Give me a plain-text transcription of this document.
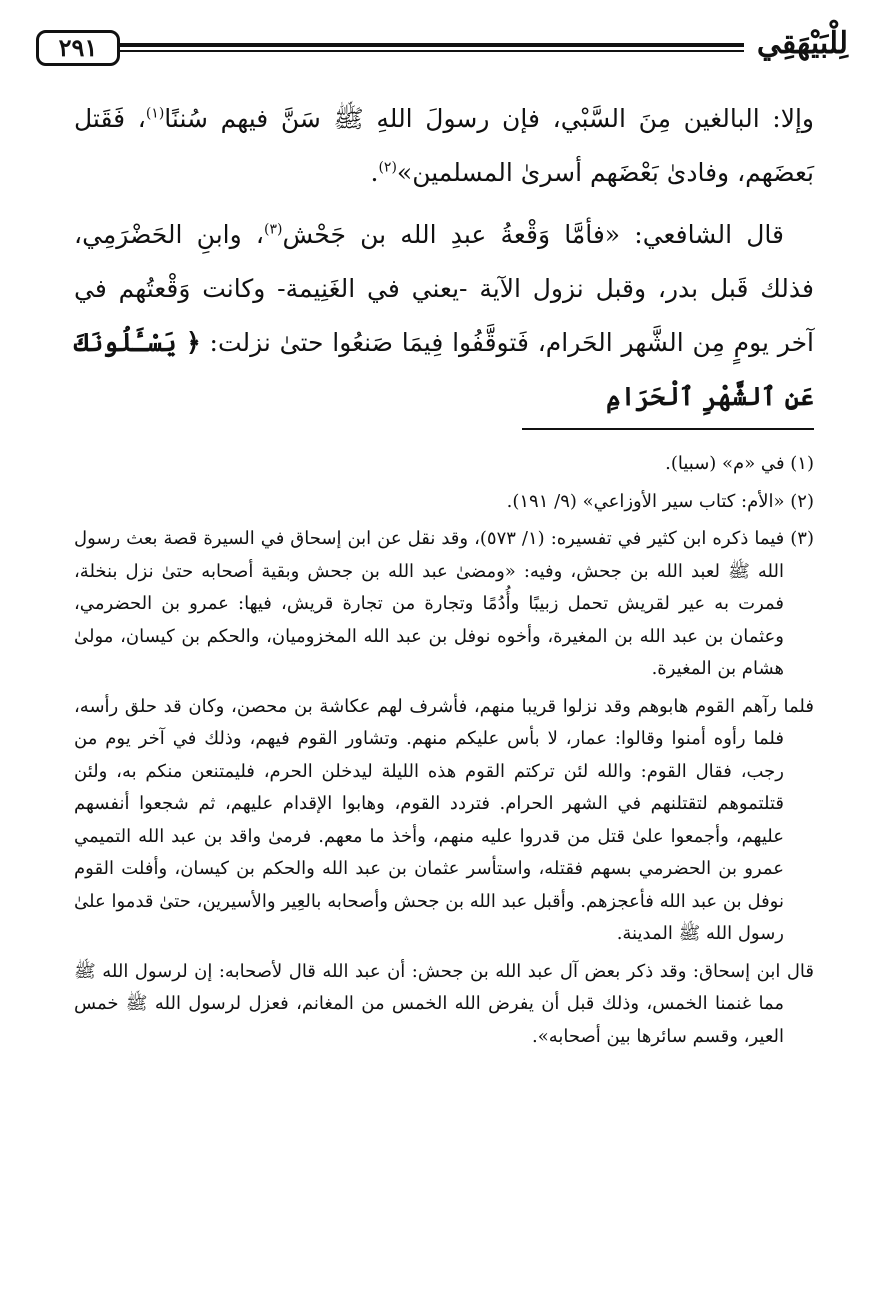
٢٩١	لِلْبَيْهَقِي

وإلا: البالغين مِنَ السَّبْي، فإن رسولَ اللهِ ﷺ سَنَّ فيهم سُننًا$^{(١)}$، فَقَتل بَعضَهم، وفادىٰ بَعْضَهم أسرىٰ المسلمين»$^{(٢)}$.

قال الشافعي: «فأمَّا وَقْعةُ عبدِ الله بن جَحْش$^{(٣)}$، وابنِ الحَضْرَمِي، فذلك قَبل بدر، وقبل نزول الآية -يعني في الغَنِيمة- وكانت وَقْعتُهم في آخر يومٍ مِن الشَّهر الحَرام، فَتوقَّفُوا فِيمَا صَنعُوا حتىٰ نزلت: ﴿ يَسْـَٔلُونَكَ عَنِ ٱلشَّهْرِ ٱلْحَرَامِ

(١) في «م» (سبيا).

(٢) «الأم: كتاب سير الأوزاعي» (٩/ ١٩١).

(٣) فيما ذكره ابن كثير في تفسيره: (١/ ٥٧٣)، وقد نقل عن ابن إسحاق في السيرة قصة بعث رسول الله ﷺ لعبد الله بن جحش، وفيه: «ومضىٰ عبد الله بن جحش وبقية أصحابه حتىٰ نزل بنخلة، فمرت به عير لقريش تحمل زبيبًا وأُدُمًا وتجارة من تجارة قريش، فيها: عمرو بن الحضرمي، وعثمان بن عبد الله بن المغيرة، وأخوه نوفل بن عبد الله المخزوميان، والحكم بن كيسان، مولىٰ هشام بن المغيرة.

فلما رآهم القوم هابوهم وقد نزلوا قريبا منهم، فأشرف لهم عكاشة بن محصن، وكان قد حلق رأسه، فلما رأوه أمنوا وقالوا: عمار، لا بأس عليكم منهم. وتشاور القوم فيهم، وذلك في آخر يوم من رجب، فقال القوم: والله لئن تركتم القوم هذه الليلة ليدخلن الحرم، فليمتنعن منكم به، ولئن قتلتموهم لتقتلنهم في الشهر الحرام. فتردد القوم، وهابوا الإقدام عليهم، ثم شجعوا أنفسهم عليهم، وأجمعوا علىٰ قتل من قدروا عليه منهم، وأخذ ما معهم. فرمىٰ واقد بن عبد الله التميمي عمرو بن الحضرمي بسهم فقتله، واستأسر عثمان بن عبد الله والحكم بن كيسان، وأفلت القوم نوفل بن عبد الله فأعجزهم. وأقبل عبد الله بن جحش وأصحابه بالعِير والأسيرين، حتىٰ قدموا علىٰ رسول الله ﷺ المدينة.

قال ابن إسحاق: وقد ذكر بعض آل عبد الله بن جحش: أن عبد الله قال لأصحابه: إن لرسول الله ﷺ مما غنمنا الخمس، وذلك قبل أن يفرض الله الخمس من المغانم، فعزل لرسول الله ﷺ خمس العير، وقسم سائرها بين أصحابه».
